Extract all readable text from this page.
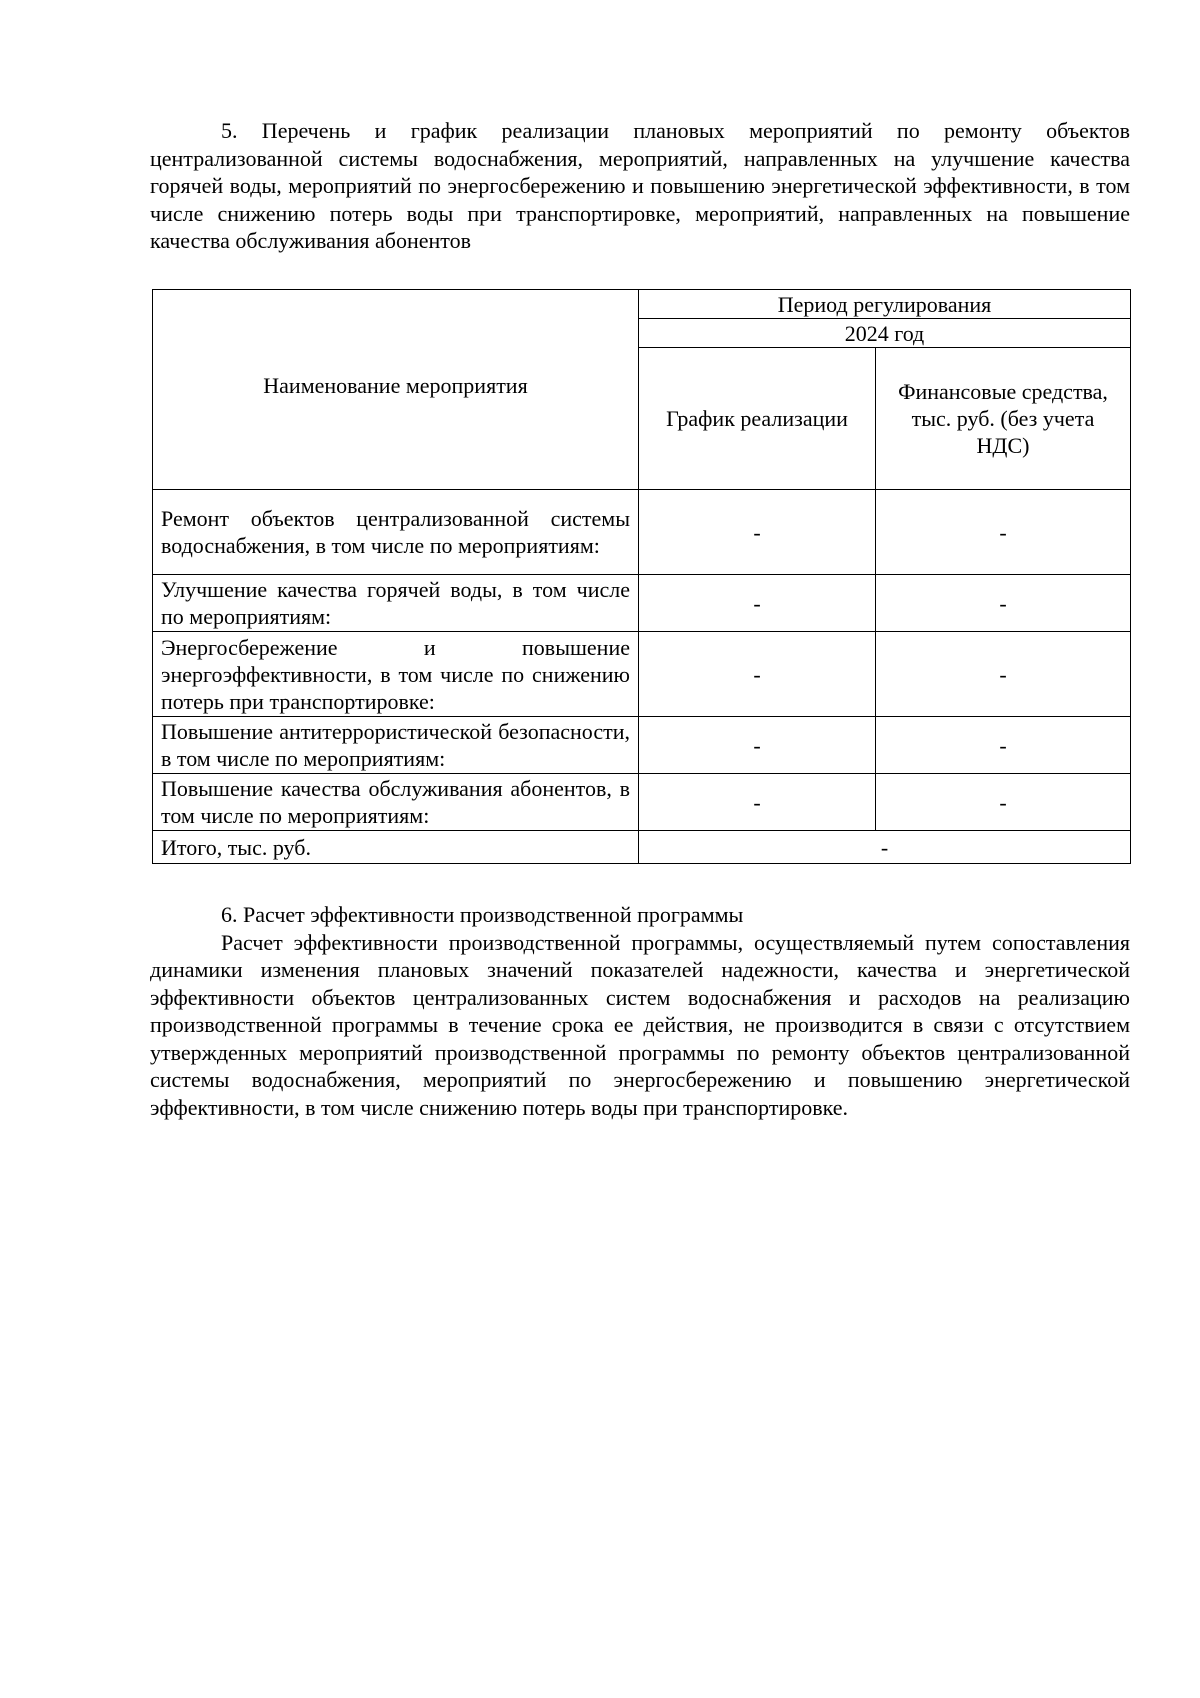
5. Перечень и график реализации плановых мероприятий по ремонту объектов централизованной системы водоснабжения, мероприятий, направленных на улучшение качества горячей воды, мероприятий по энергосбережению и повышению энергетической эффективности, в том числе снижению потерь воды при транспортировке, мероприятий, направленных на повышение качества обслуживания абонентов

Наименование мероприятия	Период регулирования	
	2024 год	
	График реализации	Финансовые средства, тыс. руб. (без учета НДС)
Ремонт объектов централизованной системы водоснабжения, в том числе по мероприятиям:	-	-
Улучшение качества горячей воды, в том числе по мероприятиям:	-	-
Энергосбережение и повышение энергоэффективности, в том числе по снижению потерь при транспортировке:	-	-
Повышение антитеррористической безопасности, в том числе по мероприятиям:	-	-
Повышение качества обслуживания абонентов, в том числе по мероприятиям:	-	-
Итого, тыс. руб.	-	

6. Расчет эффективности производственной программы

Расчет эффективности производственной программы, осуществляемый путем сопоставления динамики изменения плановых значений показателей надежности, качества и энергетической эффективности объектов централизованных систем водоснабжения и расходов на реализацию производственной программы в течение срока ее действия, не производится в связи с отсутствием утвержденных мероприятий производственной программы по ремонту объектов централизованной системы водоснабжения, мероприятий по энергосбережению и повышению энергетической эффективности, в том числе снижению потерь воды при транспортировке.
